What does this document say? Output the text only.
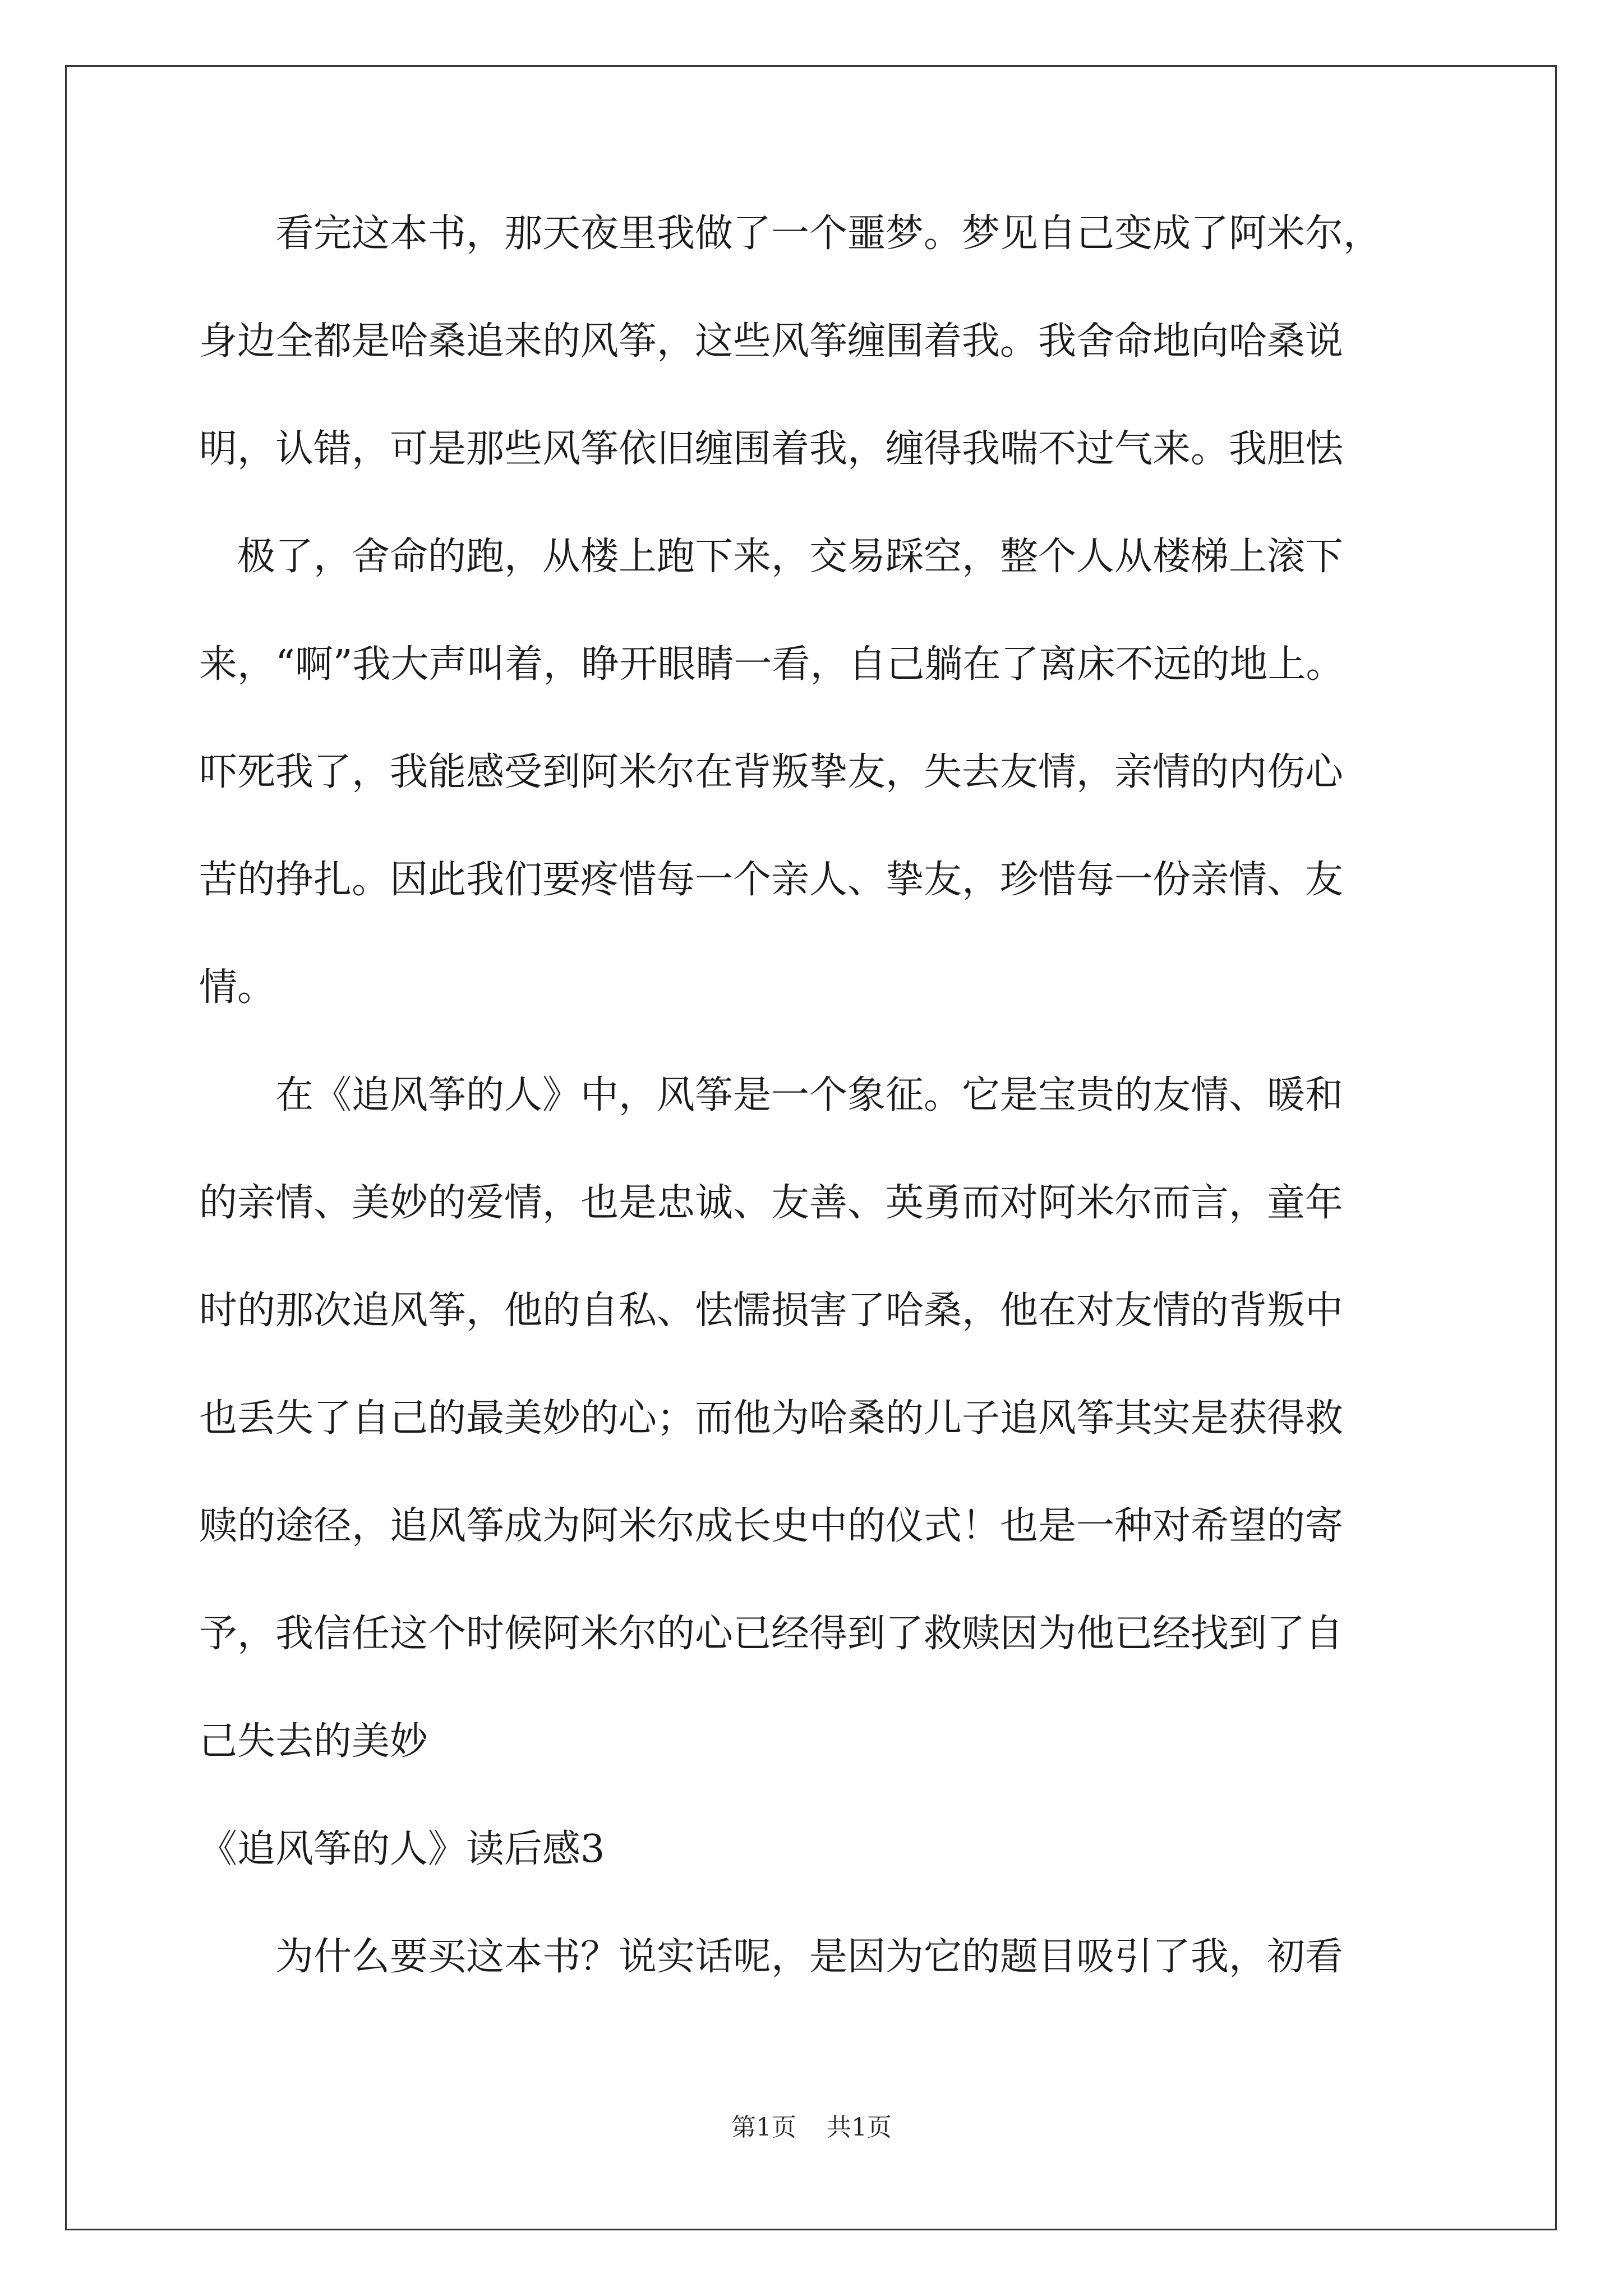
　　看完这本书，那天夜里我做了一个噩梦。梦见自己变成了阿米尔，
身边全都是哈桑追来的风筝，这些风筝缠围着我。我舍命地向哈桑说
明，认错，可是那些风筝依旧缠围着我，缠得我喘不过气来。我胆怯
　极了，舍命的跑，从楼上跑下来，交易踩空，整个人从楼梯上滚下
来，“啊”我大声叫着，睁开眼睛一看，自己躺在了离床不远的地上。
吓死我了，我能感受到阿米尔在背叛挚友，失去友情，亲情的内伤心
苦的挣扎。因此我们要疼惜每一个亲人、挚友，珍惜每一份亲情、友
情。
　　在《追风筝的人》中，风筝是一个象征。它是宝贵的友情、暖和
的亲情、美妙的爱情，也是忠诚、友善、英勇而对阿米尔而言，童年
时的那次追风筝，他的自私、怯懦损害了哈桑，他在对友情的背叛中
也丢失了自己的最美妙的心；而他为哈桑的儿子追风筝其实是获得救
赎的途径，追风筝成为阿米尔成长史中的仪式！也是一种对希望的寄
予，我信任这个时候阿米尔的心已经得到了救赎因为他已经找到了自
己失去的美妙
《追风筝的人》读后感3
　　为什么要买这本书？说实话呢，是因为它的题目吸引了我，初看
第1页 共1页
